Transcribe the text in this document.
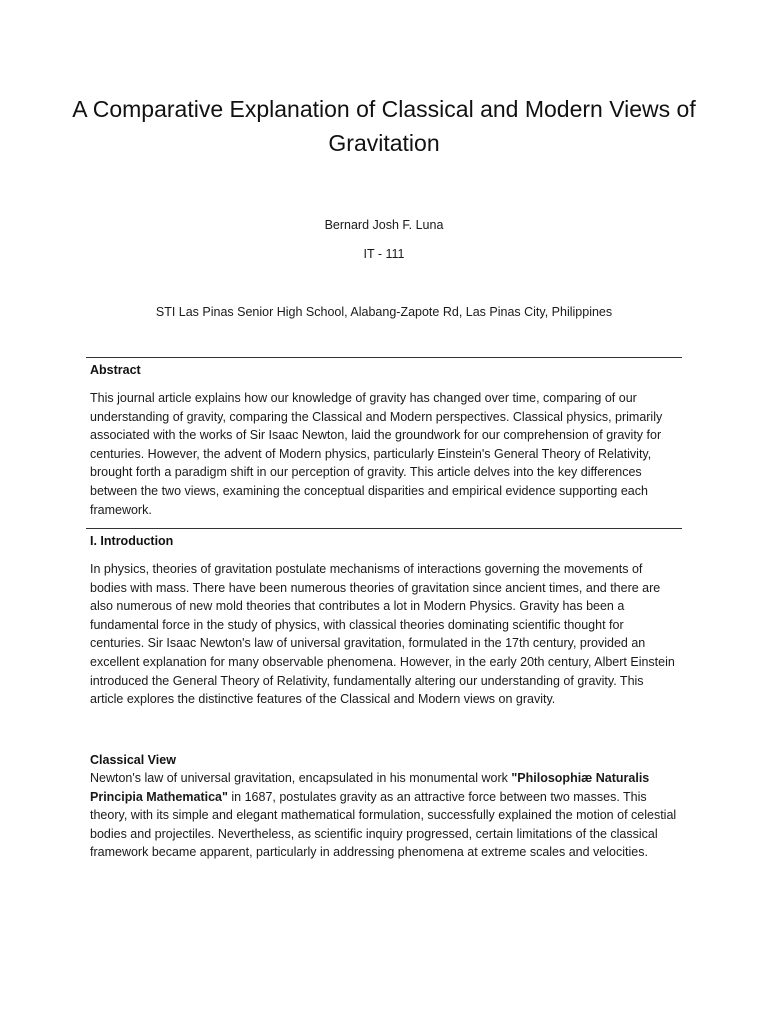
A Comparative Explanation of Classical and Modern Views of Gravitation
Bernard Josh F. Luna
IT - 111
STI Las Pinas Senior High School, Alabang-Zapote Rd, Las Pinas City, Philippines
Abstract

This journal article explains how our knowledge of gravity has changed over time, comparing of our understanding of gravity, comparing the Classical and Modern perspectives. Classical physics, primarily associated with the works of Sir Isaac Newton, laid the groundwork for our comprehension of gravity for centuries. However, the advent of Modern physics, particularly Einstein's General Theory of Relativity, brought forth a paradigm shift in our perception of gravity. This article delves into the key differences between the two views, examining the conceptual disparities and empirical evidence supporting each framework.

I. Introduction

In physics, theories of gravitation postulate mechanisms of interactions governing the movements of bodies with mass. There have been numerous theories of gravitation since ancient times, and there are also numerous of new mold theories that contributes a lot in Modern Physics. Gravity has been a fundamental force in the study of physics, with classical theories dominating scientific thought for centuries. Sir Isaac Newton's law of universal gravitation, formulated in the 17th century, provided an excellent explanation for many observable phenomena. However, in the early 20th century, Albert Einstein introduced the General Theory of Relativity, fundamentally altering our understanding of gravity. This article explores the distinctive features of the Classical and Modern views on gravity.

Classical View

Newton's law of universal gravitation, encapsulated in his monumental work "Philosophiæ Naturalis Principia Mathematica" in 1687, postulates gravity as an attractive force between two masses. This theory, with its simple and elegant mathematical formulation, successfully explained the motion of celestial bodies and projectiles. Nevertheless, as scientific inquiry progressed, certain limitations of the classical framework became apparent, particularly in addressing phenomena at extreme scales and velocities.
